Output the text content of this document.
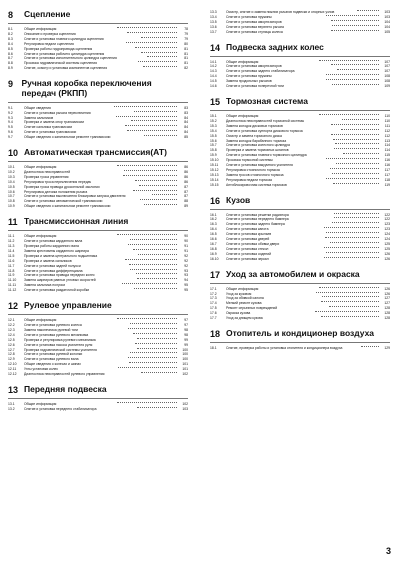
8	Сцепление
8.1	Общие информация	78
8.2	Описание и проверка сцепления	79
8.3	Снятие и установка главного цилиндра сцепления	79
8.4	Регулировка педали сцепления	80
8.5	Проверка работы гидропривода сцепления	81
8.6	Снятие и установка рабочего цилиндра сцепления	81
8.7	Снятие и установка исполнительного цилиндра сцепления	81
8.8	Прокачка гидравлической системы сцепления	81
8.9	Снятие, осмотр и установка компонентов сцепления	82
9 Ручная коробка переключения передач (РКПП)
9.1	Общие сведения	83
9.2	Снятие и установка рычага переключения	83
9.3	Замена сальников	84
9.4	Проверка и замена опор трансмиссии	84
9.5	Снятие сальника трансмиссии	84
9.6	Снятие и установка трансмиссии	84
9.7	Общие сведения о капитальном ремонте трансмиссии	85
10 Автоматическая трансмиссия(АТ)
10.1	Общие информация	86
10.2	Диагностика неисправностей	86
10.3	Проверка троса управления	86
10.4	Регулировка троса переключения передач	86
10.5	Проверка троса привода дроссельной заслонки	87
10.6	Регулировка датчика положения рычага	87
10.7	Снятие и установка выключателя блокировки запуска двигателя	87
10.8	Снятие и установка автоматической трансмиссии	88
10.9	Общие сведения о капитальном ремонте трансмиссии	89
11 Трансмиссионная линия
11.1	Общие информация	90
11.2	Снятие и установка карданного вала	90
11.3	Проверка работы карданного вала	91
11.4	Замена крестовины карданного шарнира	91
11.5	Проверка и замена центрального подшипника	92
11.6	Проверка и замена сальников	92
11.7	Снятие и установка задней полуоси	92
11.8	Снятие и установка дифференциала	93
11.9	Снятие и установка привода передних колес	93
11.10	Замена шарниров равных угловых скоростей	94
11.11	Замена сальника полуоси	95
11.12	Снятие и установка раздаточной коробки	95
12 Рулевое управление
12.1	Общие информация	97
12.2	Снятие и установка рулевого колеса	97
12.3	Замена наконечника рулевой тяги	98
12.4	Снятие и установка рулевого механизма	98
12.5	Проверка и регулировка рулевого механизма	99
12.6	Снятие и установка насоса усилителя руля	99
12.7	Проверка гидравлической системы усилителя	100
12.8	Снятие и установка рулевой колонки	100
12.9	Снятие и установка рулевого вала	100
12.10	Общие сведения о колесах и шинах	101
12.11	Углы установки колес	101
12.12	Диагностика неисправностей рулевого управления	102
13 Передняя подвеска
13.1	Общие информация	102
13.2	Снятие и установка переднего стабилизатора	103
13.3	Осмотр, снятие и замена нижних рычагов подвески и опорных узлов	103
13.4	Снятие и установка пружины	103
13.5	Снятие и установка амортизаторов	104
13.6	Снятие и установка верхнего рычага	104
13.7	Снятие и установка ступицы колеса	105
14 Подвеска задних колес
14.1	Общие информация	107
14.2	Снятие и установка амортизаторов	107
14.3	Снятие и установка заднего стабилизатора	107
14.4	Снятие и установка пружины	108
14.5	Замена продольных рычагов	108
14.6	Снятие и установка поперечной тяги	109
15 Тормозная система
15.1	Общие информация	110
15.2	Диагностика неисправностей тормозной системы	110
15.3	Замена колодок дисковых тормозов	111
15.4	Снятие и установка суппорта дискового тормоза	112
15.5	Осмотр и замена тормозного диска	112
15.6	Замена колодок барабанного тормоза	113
15.7	Снятие и установка колесного цилиндра	114
15.8	Проверка и замена тормозных шлангов	114
15.9	Снятие и установка главного тормозного цилиндра	115
15.10	Прокачка тормозной системы	116
15.11	Снятие и установка вакуумного усилителя	116
15.12	Регулировка стояночного тормоза	117
15.13	Замена тросов стояночного тормоза	117
15.14	Регулировка педали тормоза	118
15.15	Антиблокировочная система тормозов	119
16 Кузов
16.1	Снятие и установка решетки радиатора	122
16.2	Снятие и установка переднего бампера	122
16.3	Снятие и установка заднего бампера	123
16.4	Снятие и установка капота	123
16.5	Снятие и установка крыльев	124
16.6	Снятие и установка дверей	124
16.7	Снятие и установка обивки двери	125
16.8	Снятие и установка стекол	125
16.9	Снятие и установка сидений	126
16.10	Снятие и установка зеркал	126
17 Уход за автомобилем и окраска
17.1	Общие информация	126
17.2	Уход за кузовом	126
17.3	Уход за обивкой салона	127
17.4	Мелкий ремонт кузова	127
17.5	Ремонт серьезных повреждений	128
17.6	Окраска кузова	128
17.7	Уход за днищем кузова	128
18 Отопитель и кондиционер воздуха
18.1	Снятие, проверка работы и установка отопителя и кондиционера воздуха	129
3
